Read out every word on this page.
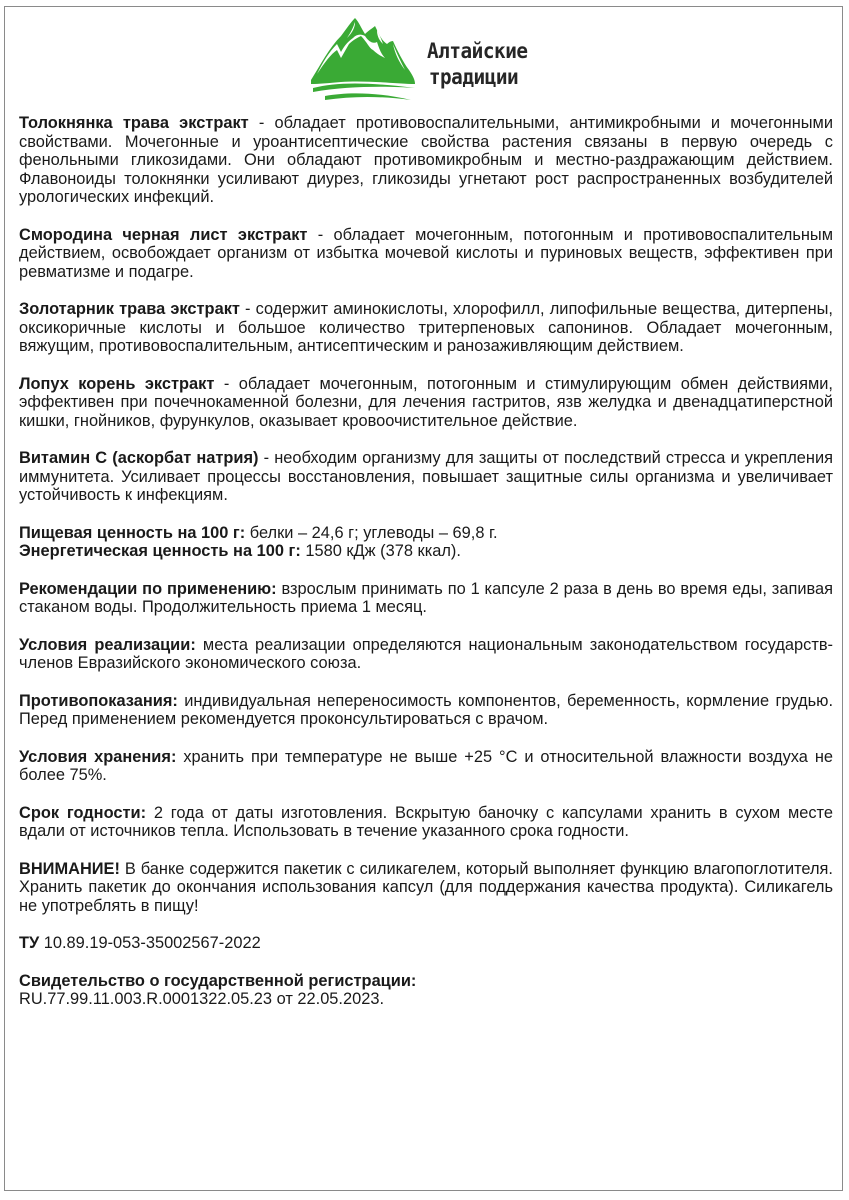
Алтайские
традиции

Толокнянка трава экстракт - обладает противовоспалительными, антимикробными и мочегонными свойствами. Мочегонные и уроантисептические свойства растения связаны в первую очередь с фенольными гликозидами. Они обладают противомикробным и местно-раздражающим действием. Флавоноиды толокнянки усиливают диурез, гликозиды угнетают рост распространенных возбудителей урологических инфекций.

Смородина черная лист экстракт - обладает мочегонным, потогонным и противовоспалительным действием, освобождает организм от избытка мочевой кислоты и пуриновых веществ, эффективен при ревматизме и подагре.

Золотарник трава экстракт - содержит аминокислоты, хлорофилл, липофильные вещества, дитерпены, оксикоричные кислоты и большое количество тритерпеновых сапонинов. Обладает мочегонным, вяжущим, противовоспалительным, антисептическим и ранозаживляющим действием.

Лопух корень экстракт - обладает мочегонным, потогонным и стимулирующим обмен действиями, эффективен при почечнокаменной болезни, для лечения гастритов, язв желудка и двенадцатиперстной кишки, гнойников, фурункулов, оказывает кровоочистительное действие.

Витамин С (аскорбат натрия) - необходим организму для защиты от последствий стресса и укрепления иммунитета. Усиливает процессы восстановления, повышает защитные силы организма и увеличивает устойчивость к инфекциям.

Пищевая ценность на 100 г: белки – 24,6 г; углеводы – 69,8 г.

Энергетическая ценность на 100 г: 1580 кДж (378 ккал).

Рекомендации по применению: взрослым принимать по 1 капсуле 2 раза в день во время еды, запивая стаканом воды. Продолжительность приема 1 месяц.

Условия реализации: места реализации определяются национальным законодательством государств-членов Евразийского экономического союза.

Противопоказания: индивидуальная непереносимость компонентов, беременность, кормление грудью. Перед применением рекомендуется проконсультироваться с врачом.

Условия хранения: хранить при температуре не выше +25 °С и относительной влажности воздуха не более 75%.

Срок годности: 2 года от даты изготовления. Вскрытую баночку с капсулами хранить в сухом месте вдали от источников тепла. Использовать в течение указанного срока годности.

ВНИМАНИЕ! В банке содержится пакетик с силикагелем, который выполняет функцию влагопоглотителя. Хранить пакетик до окончания использования капсул (для поддержания качества продукта). Силикагель не употреблять в пищу!

ТУ 10.89.19-053-35002567-2022

Свидетельство о государственной регистрации:

RU.77.99.11.003.R.0001322.05.23 от 22.05.2023.
